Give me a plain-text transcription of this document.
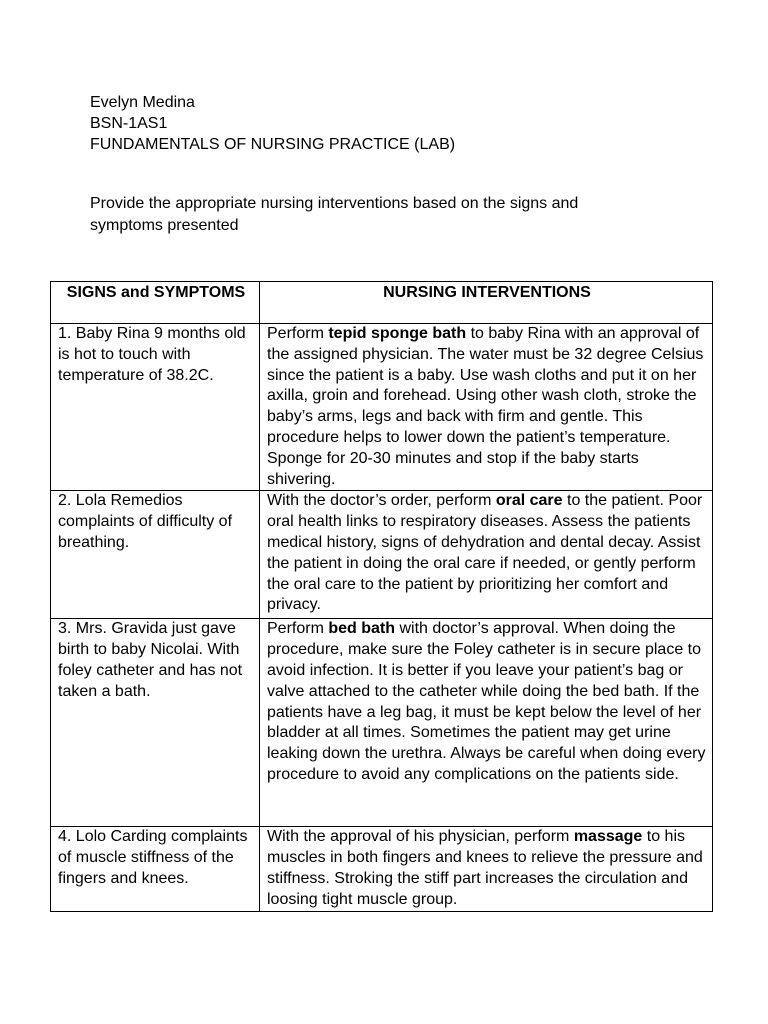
Evelyn Medina
BSN-1AS1
FUNDAMENTALS OF NURSING PRACTICE (LAB)
Provide the appropriate nursing interventions based on the signs and symptoms presented
SIGNS and SYMPTOMS	NURSING INTERVENTIONS
1. Baby Rina 9 months old is hot to touch with temperature of 38.2C.	Perform tepid sponge bath to baby Rina with an approval of the assigned physician. The water must be 32 degree Celsius since the patient is a baby. Use wash cloths and put it on her axilla, groin and forehead. Using other wash cloth, stroke the baby’s arms, legs and back with firm and gentle. This procedure helps to lower down the patient’s temperature. Sponge for 20-30 minutes and stop if the baby starts shivering.
2. Lola Remedios complaints of difficulty of breathing.	With the doctor’s order, perform oral care to the patient. Poor oral health links to respiratory diseases. Assess the patients medical history, signs of dehydration and dental decay. Assist the patient in doing the oral care if needed, or gently perform the oral care to the patient by prioritizing her comfort and privacy.
3. Mrs. Gravida just gave birth to baby Nicolai. With foley catheter and has not taken a bath.	Perform bed bath with doctor’s approval. When doing the procedure, make sure the Foley catheter is in secure place to avoid infection. It is better if you leave your patient’s bag or valve attached to the catheter while doing the bed bath. If the patients have a leg bag, it must be kept below the level of her bladder at all times. Sometimes the patient may get urine leaking down the urethra. Always be careful when doing every procedure to avoid any complications on the patients side.
4. Lolo Carding complaints of muscle stiffness of the fingers and knees.	With the approval of his physician, perform massage to his muscles in both fingers and knees to relieve the pressure and stiffness. Stroking the stiff part increases the circulation and loosing tight muscle group.
